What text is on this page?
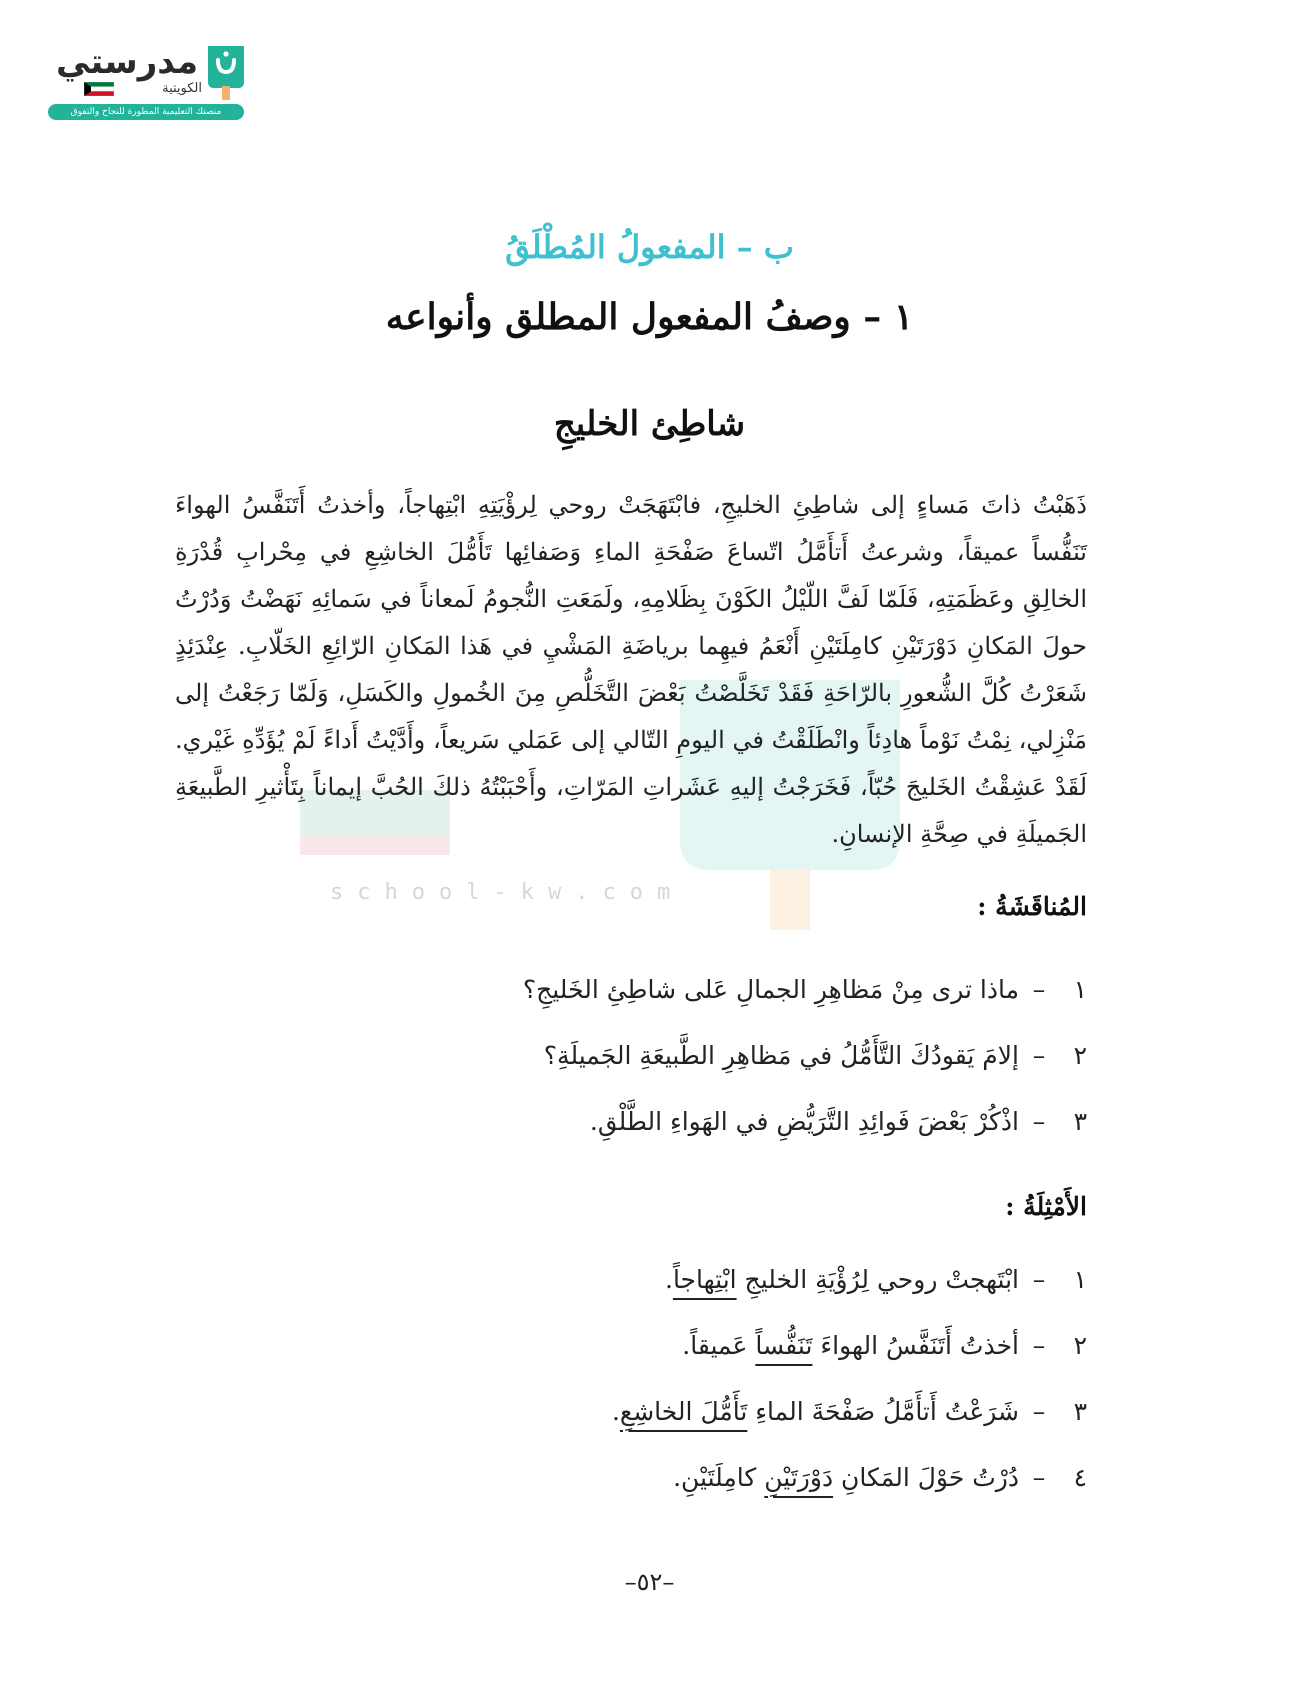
مدرستي
الكويتية
منصتك التعليمية المطورة للنجاح والتفوق
school-kw.com
ب – المفعولُ المُطْلَقُ
١ – وصفُ المفعول المطلق وأنواعه
شاطِئ الخليجِ
ذَهَبْتُ ذاتَ مَساءٍ إلى شاطِئِ الخليجِ، فابْتَهَجَتْ روحي لِرؤْيَتِهِ ابْتِهاجاً، وأخذتُ أَتَنَفَّسُ الهواءَ تَنَفُّساً عميقاً، وشرعتُ أَتأَمَّلُ اتّساعَ صَفْحَةِ الماءِ وَصَفائِها تَأَمُّلَ الخاشِعِ في مِحْرابِ قُدْرَةِ الخالِقِ وعَظَمَتِهِ، فَلَمّا لَفَّ اللّيْلُ الكَوْنَ بِظَلامِهِ، ولَمَعَتِ النُّجومُ لَمعاناً في سَمائِهِ نَهَضْتُ وَدُرْتُ حولَ المَكانِ دَوْرَتَيْنِ كامِلَتَيْنِ أَنْعَمُ فيهِما برياضَةِ المَشْيِ في هَذا المَكانِ الرّائِعِ الخَلّابِ. عِنْدَئِذٍ شَعَرْتُ كُلَّ الشُّعورِ بالرّاحَةِ فَقَدْ تَخَلَّصْتُ بَعْضَ التَّخَلُّصِ مِنَ الخُمولِ والكَسَلِ، وَلَمّا رَجَعْتُ إلى مَنْزِلي، نِمْتُ نَوْماً هادِئاً وانْطَلَقْتُ في اليومِ التّالي إلى عَمَلي سَريعاً، وأَدَّيْتُ أَداءً لَمْ يُؤَدِّهِ غَيْري. لَقَدْ عَشِقْتُ الخَليجَ حُبّاً، فَخَرَجْتُ إليهِ عَشَراتِ المَرّاتِ، وأَحْبَبْتُهُ ذلكَ الحُبَّ إيماناً بِتَأْثيرِ الطَّبيعَةِ الجَميلَةِ في صِحَّةِ الإنسانِ.
المُناقَشَةُ :
١–ماذا ترى مِنْ مَظاهِرِ الجمالِ عَلى شاطِئِ الخَليجِ؟
٢–إلامَ يَقودُكَ التَّأَمُّلُ في مَظاهِرِ الطَّبيعَةِ الجَميلَةِ؟
٣–اذْكُرْ بَعْضَ فَوائِدِ التَّرَيُّضِ في الهَواءِ الطَّلْقِ.
الأَمْثِلَةُ :
١–ابْتَهجتْ روحي لِرُؤْيَةِ الخليجِ ابْتِهاجاً.
٢–أخذتُ أَتَنَفَّسُ الهواءَ تَنَفُّساً عَميقاً.
٣–شَرَعْتُ أَتأَمَّلُ صَفْحَةَ الماءِ تَأَمُّلَ الخاشِعِ.
٤–دُرْتُ حَوْلَ المَكانِ دَوْرَتَيْنِ كامِلَتَيْنِ.
–٥٢–
